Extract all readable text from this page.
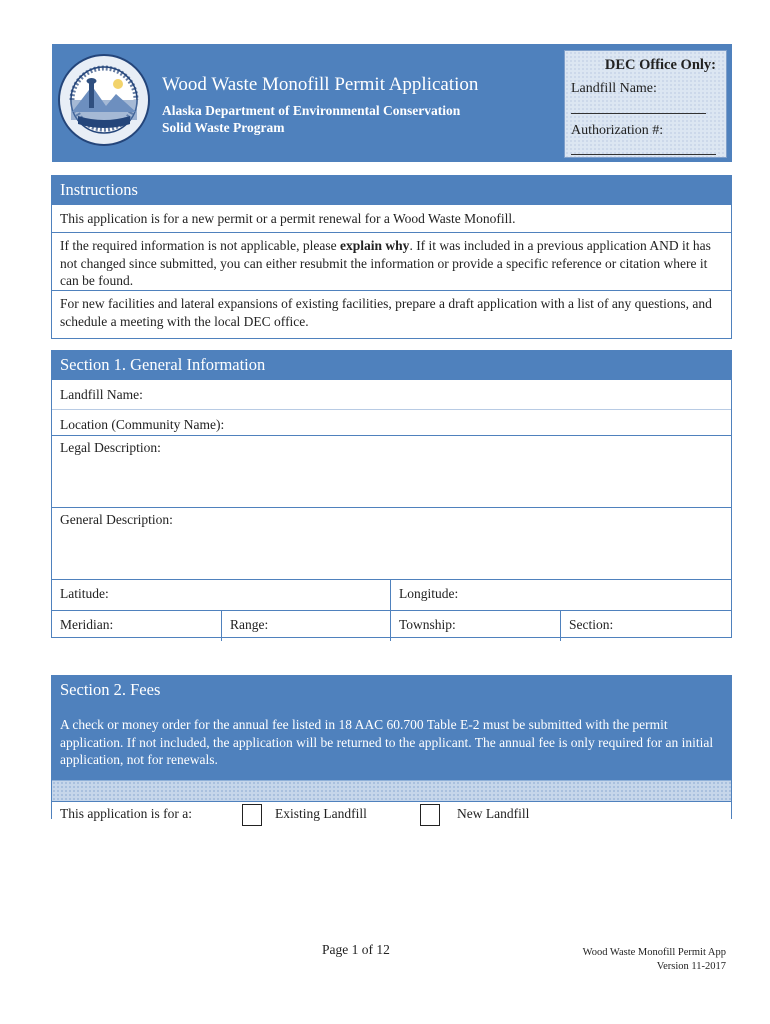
Wood Waste Monofill Permit Application
Alaska Department of Environmental Conservation
Solid Waste Program
DEC Office Only:
Landfill Name:
Authorization #:
Instructions
This application is for a new permit or a permit renewal for a Wood Waste Monofill.
If the required information is not applicable, please explain why. If it was included in a previous application AND it has not changed since submitted, you can either resubmit the information or provide a specific reference or citation where it can be found.
For new facilities and lateral expansions of existing facilities, prepare a draft application with a list of any questions, and schedule a meeting with the local DEC office.
Section 1. General Information
Landfill Name:
Location (Community Name):
Legal Description:
General Description:
Latitude:	Longitude:
Meridian:	Range:	Township:	Section:
Section 2. Fees
A check or money order for the annual fee listed in 18 AAC 60.700 Table E-2 must be submitted with the permit application. If not included, the application will be returned to the applicant. The annual fee is only required for an initial application, not for renewals.
This application is for a:	Existing Landfill	New Landfill
Page 1 of 12	Wood Waste Monofill Permit App
Version 11-2017
